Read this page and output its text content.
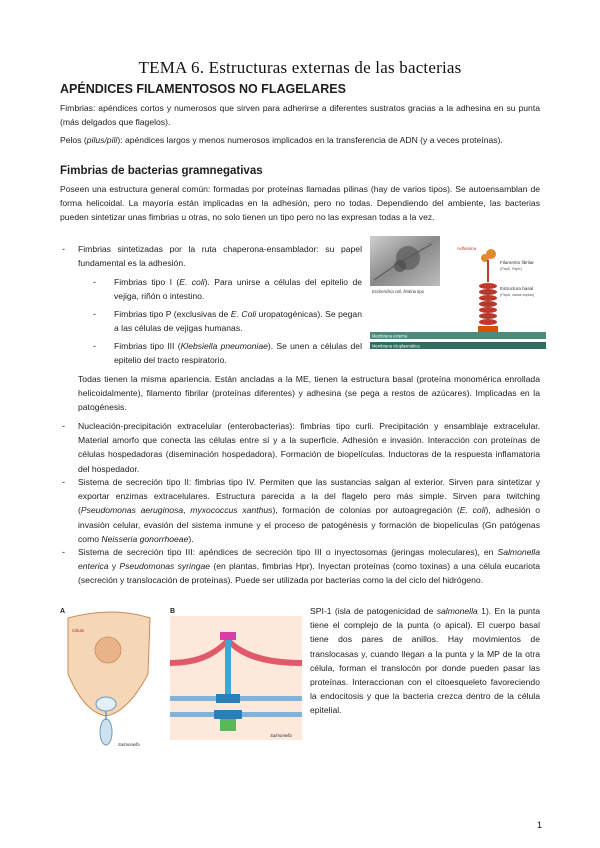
TEMA 6. Estructuras externas de las bacterias
APÉNDICES FILAMENTOSOS NO FLAGELARES
Fimbrias: apéndices cortos y numerosos que sirven para adherirse a diferentes sustratos gracias a la adhesina en su punta (más delgados que flagelos).
Pelos (pilus/pili): apéndices largos y menos numerosos implicados en la transferencia de ADN (y a veces proteínas).
Fimbrias de bacterias gramnegativas
Poseen una estructura general común: formadas por proteínas llamadas pilinas (hay de varios tipos). Se autoensamblan de forma helicoidal. La mayoría están implicadas en la adhesión, pero no todas. Dependiendo del ambiente, las bacterias pueden sintetizar unas fimbrias u otras, no solo tienen un tipo pero no las expresan todas a la vez.
- Fimbrias sintetizadas por la ruta chaperona-ensamblador: su papel fundamental es la adhesión.
- Fimbrias tipo I (E. coli). Para unirse a células del epitelio de vejiga, riñón o intestino.
- Fimbrias tipo P (exclusivas de E. Coli uropatogénicas). Se pegan a las células de vejigas humanas.
- Fimbrias tipo III (Klebsiella pneumoniae). Se unen a células del epitelio del tracto respiratorio.
Todas tienen la misma apariencia. Están ancladas a la ME, tienen la estructura basal (proteína monomérica enrollada helicoidalmente), filamento fibrilar (proteínas diferentes) y adhesina (se pega a restos de azúcares). Implicadas en la patogénesis.
- Nucleación-precipitación extracelular (enterobacterias): fimbrias tipo curli. Precipitación y ensamblaje extracelular. Material amorfo que conecta las células entre sí y a la superficie. Adhesión e invasión. Interacción con proteínas de células hospedadoras (diseminación hospedadora). Formación de biopelículas. Inductoras de la respuesta inflamatoria del hospedador.
- Sistema de secreción tipo II: fimbrias tipo IV. Permiten que las sustancias salgan al exterior. Sirven para sintetizar y exportar enzimas extracelulares. Estructura parecida a la del flagelo pero más simple. Sirven para twitching (Pseudomonas aeruginosa, myxococcus xanthus), formación de colonias por autoagregación (E. coli), adhesión o invasión celular, evasión del sistema inmune y el proceso de patogénesis y formación de biopelículas (Gn patógenas como Neisseria gonorrhoeae).
- Sistema de secreción tipo III: apéndices de secreción tipo III o inyectosomas (jeringas moleculares), en Salmonella enterica y Pseudomonas syringae (en plantas, fimbrias Hpr). Inyectan proteínas (como toxinas) a una célula eucariota (secreción y translocación de proteínas). Puede ser utilizada por bacterias como la del ciclo del hidrógeno.
SPI-1 (isla de patogenicidad de salmonella 1). En la punta tiene el complejo de la punta (o apical). El cuerpo basal tiene dos pares de anillos. Hay movimientos de translocasas y, cuando llegan a la punta y la MP de la otra célula, forman el translocón por donde pueden pasar las proteínas. Interaccionan con el citoesqueleto favoreciendo la endocitosis y que la bacteria crezca dentro de la célula epitelial.
Escherichia coli, fimbria tipo
Adhesina
Filamento fibrilar
(PapE, PapK)
Estructura basal
(PapA, varias copias)
Membrana externa
Membrana citoplasmática
A
Célula
Salmonella
B
Salmonella
1
